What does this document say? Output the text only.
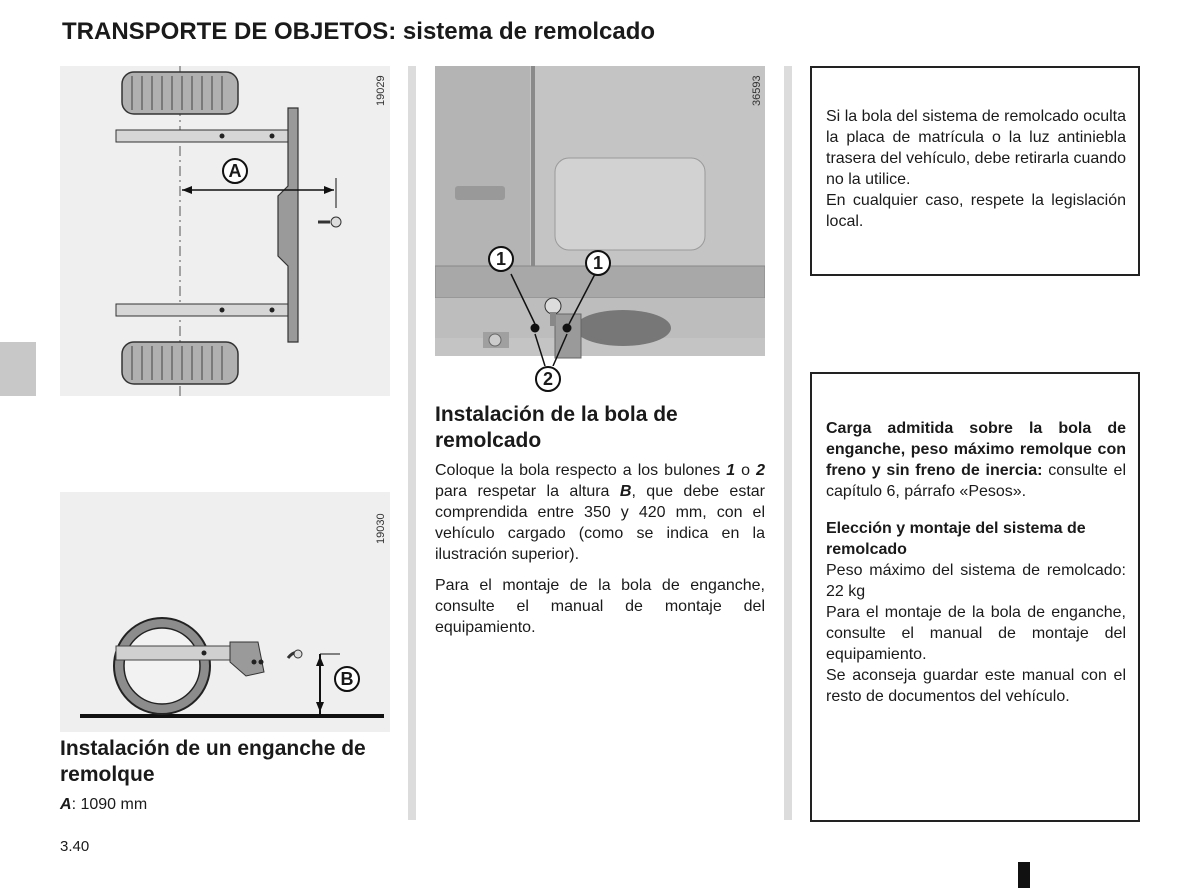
TRANSPORTE DE OBJETOS: sistema de remolcado
A
19029
B
19030
Instalación de un enganche de remolque
A: 1090 mm
1	1
2
36593
Instalación de la bola de remolcado
Coloque la bola respecto a los bulones 1 o 2 para respetar la altura B, que debe estar comprendida entre 350 y 420 mm, con el vehículo cargado (como se indica en la ilustración superior).
Para el montaje de la bola de enganche, consulte el manual de montaje del equipamiento.
Si la bola del sistema de remolcado oculta la placa de matrícula o la luz antiniebla trasera del vehículo, debe retirarla cuando no la utilice.
En cualquier caso, respete la legislación local.
Carga admitida sobre la bola de enganche, peso máximo remolque con freno y sin freno de inercia: consulte el capítulo 6, párrafo «Pesos».
Elección y montaje del sistema de remolcado
Peso máximo del sistema de remolcado: 22 kg
Para el montaje de la bola de enganche, consulte el manual de montaje del equipamiento.
Se aconseja guardar este manual con el resto de documentos del vehículo.
3.40
